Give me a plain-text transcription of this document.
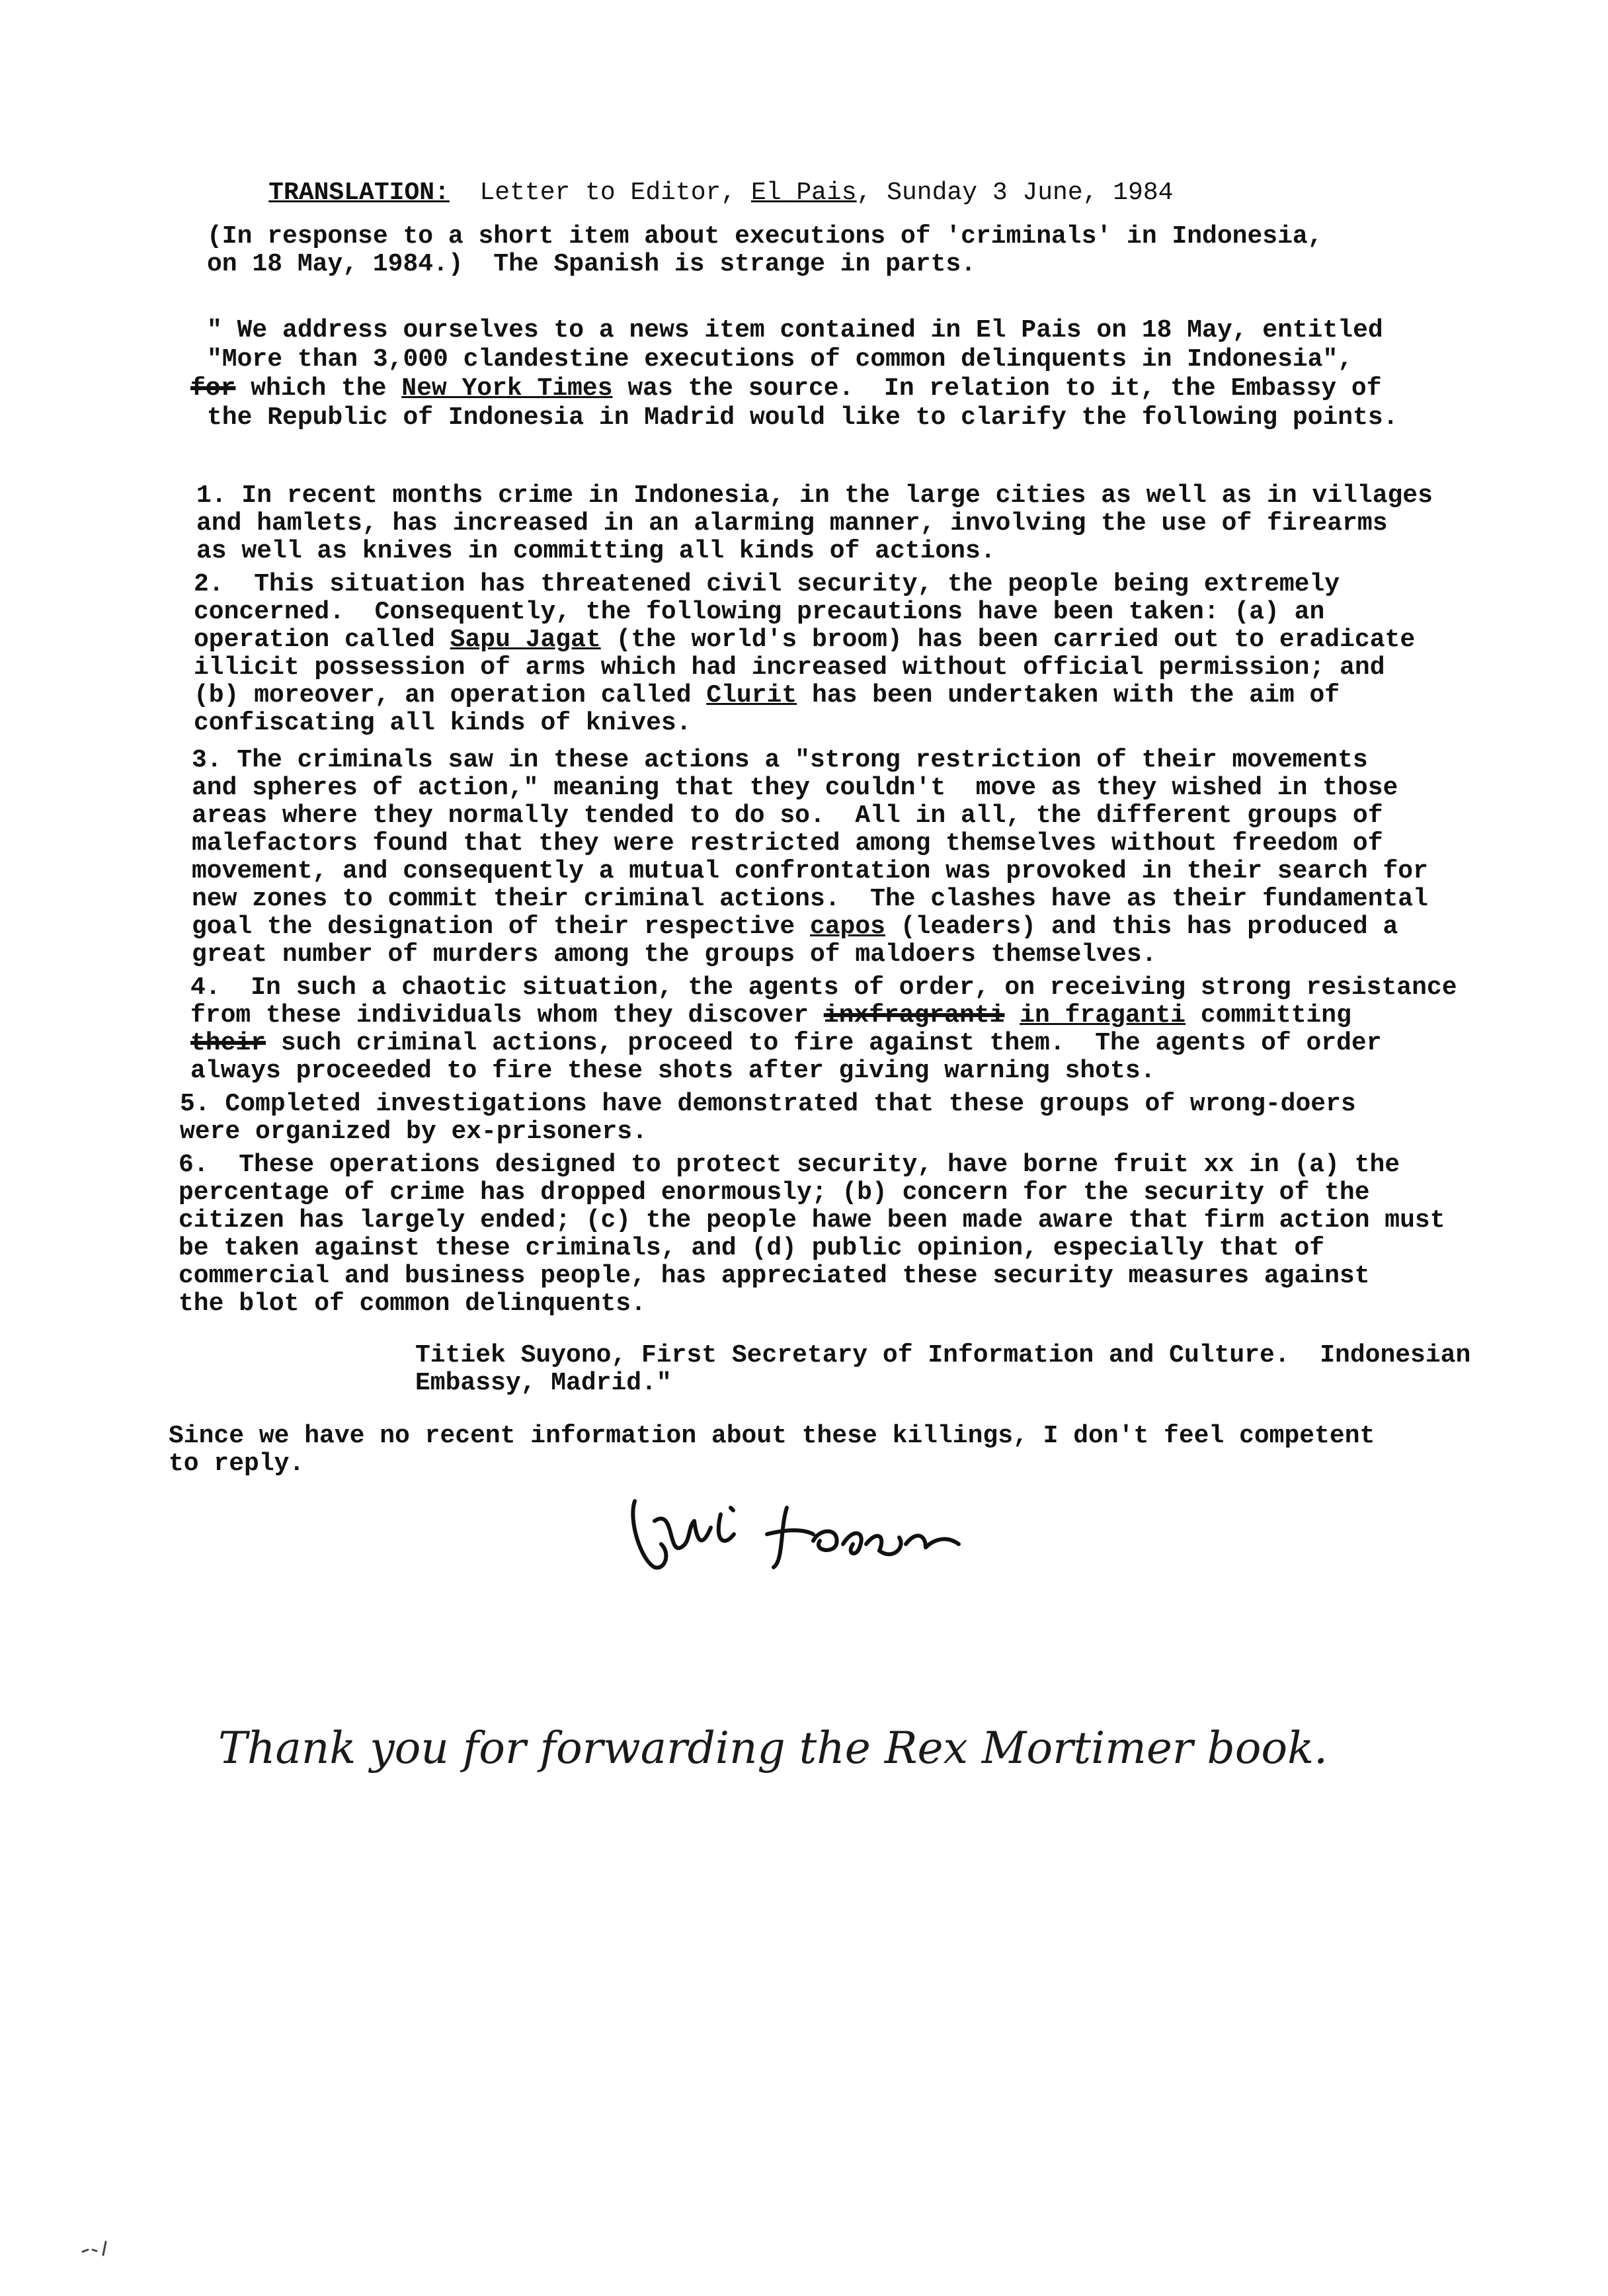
TRANSLATION: Letter to Editor, El Pais, Sunday 3 June, 1984

(In response to a short item about executions of 'criminals' in Indonesia,
on 18 May, 1984.)  The Spanish is strange in parts.
" We address ourselves to a news item contained in El Pais on 18 May, entitled
"More than 3,000 clandestine executions of common delinquents in Indonesia",
for which the New York Times was the source.  In relation to it, the Embassy of
the Republic of Indonesia in Madrid would like to clarify the following points.
1. In recent months crime in Indonesia, in the large cities as well as in villages
and hamlets, has increased in an alarming manner, involving the use of firearms
as well as knives in committing all kinds of actions.
2.  This situation has threatened civil security, the people being extremely
concerned.  Consequently, the following precautions have been taken: (a) an
operation called Sapu Jagat (the world's broom) has been carried out to eradicate
illicit possession of arms which had increased without official permission; and
(b) moreover, an operation called Clurit has been undertaken with the aim of
confiscating all kinds of knives.
3. The criminals saw in these actions a "strong restriction of their movements
and spheres of action," meaning that they couldn't  move as they wished in those
areas where they normally tended to do so.  All in all, the different groups of
malefactors found that they were restricted among themselves without freedom of
movement, and consequently a mutual confrontation was provoked in their search for
new zones to commit their criminal actions.  The clashes have as their fundamental
goal the designation of their respective capos (leaders) and this has produced a
great number of murders among the groups of maldoers themselves.
4.  In such a chaotic situation, the agents of order, on receiving strong resistance
from these individuals whom they discover inxfragranti in fraganti committing
their such criminal actions, proceed to fire against them.  The agents of order
always proceeded to fire these shots after giving warning shots.
5. Completed investigations have demonstrated that these groups of wrong-doers
were organized by ex-prisoners.
6.  These operations designed to protect security, have borne fruit xx in (a) the
percentage of crime has dropped enormously; (b) concern for the security of the
citizen has largely ended; (c) the people hawe been made aware that firm action must
be taken against these criminals, and (d) public opinion, especially that of
commercial and business people, has appreciated these security measures against
the blot of common delinquents.
Titiek Suyono, First Secretary of Information and Culture.  Indonesian
Embassy, Madrid."
Since we have no recent information about these killings, I don't feel competent
to reply.
Thank you for forwarding the Rex Mortimer book.
